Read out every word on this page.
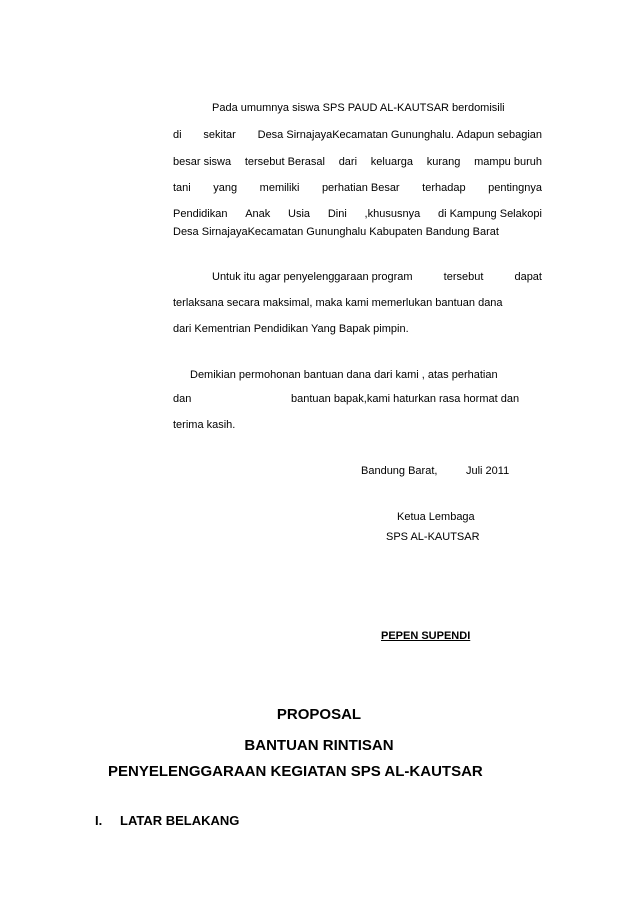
Pada umumnya siswa SPS PAUD AL-KAUTSAR berdomisili
di sekitar Desa SirnajayaKecamatan Gununghalu. Adapun sebagian
besar siswa tersebut Berasal dari keluarga kurang mampu buruh
tani yang memiliki perhatian Besar terhadap pentingnya
Pendidikan Anak Usia Dini ,khususnya di Kampung Selakopi
Desa SirnajayaKecamatan Gununghalu Kabupaten Bandung Barat
Untuk itu agar penyelenggaraan program	tersebut	dapat
terlaksana secara maksimal, maka kami memerlukan bantuan dana
dari Kementrian Pendidikan Yang Bapak pimpin.
Demikian permohonan bantuan dana dari kami , atas perhatian
dan	bantuan bapak,kami haturkan rasa hormat dan
terima kasih.
Bandung Barat,	Juli 2011
Ketua Lembaga
SPS AL-KAUTSAR
PEPEN SUPENDI
PROPOSAL
BANTUAN RINTISAN
PENYELENGGARAAN KEGIATAN SPS AL-KAUTSAR
I. LATAR BELAKANG
